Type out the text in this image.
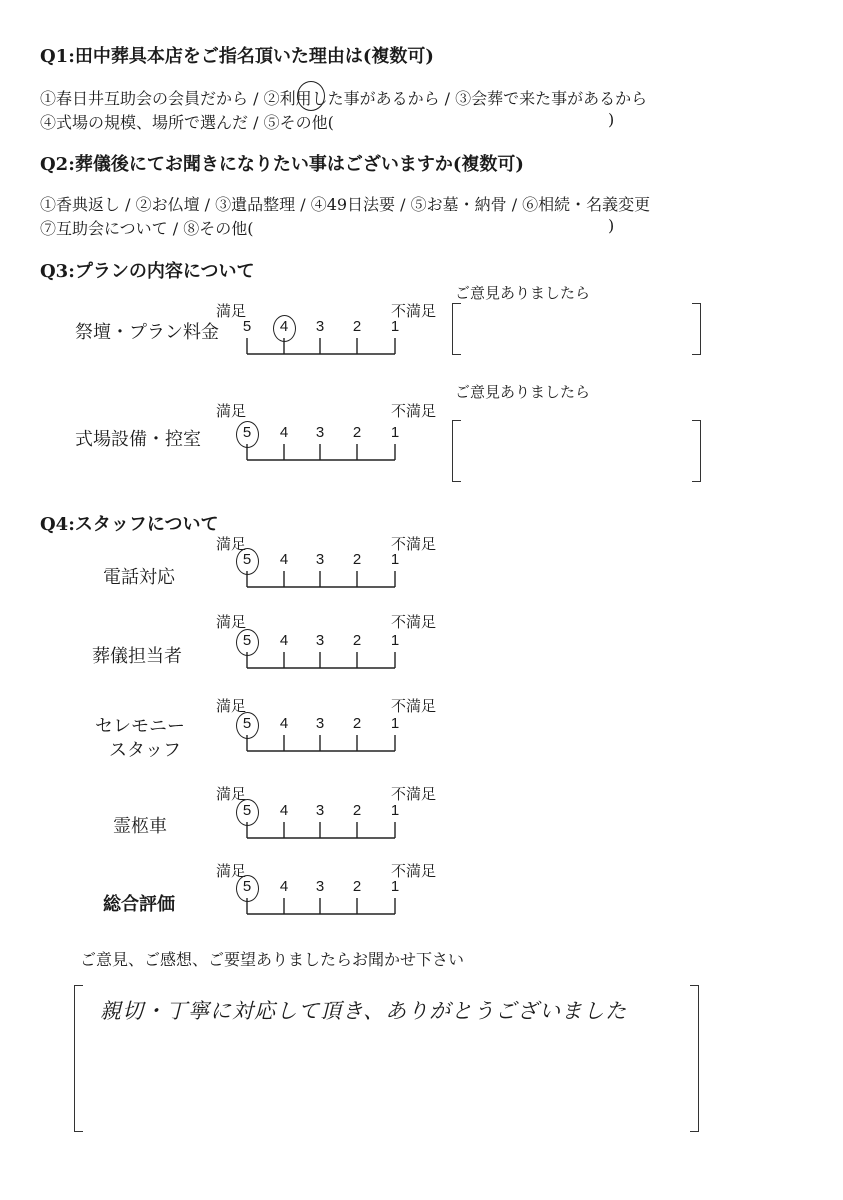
Q1:田中葬具本店をご指名頂いた理由は(複数可)
①春日井互助会の会員だから / ②利用した事があるから / ③会葬で来た事があるから
④式場の規模、場所で選んだ / ⑤その他(	)
Q2:葬儀後にてお聞きになりたい事はございますか(複数可)
①香典返し / ②お仏壇 / ③遺品整理 / ④49日法要 / ⑤お墓・納骨 / ⑥相続・名義変更
⑦互助会について / ⑧その他(	)
Q3:プランの内容について
ご意見ありましたら
ご意見ありましたら
Q4:スタッフについて
祭壇・プラン料金
満足	不満足
5	4	3	2	1
式場設備・控室
満足	不満足
5	4	3	2	1
電話対応
満足	不満足
5	4	3	2	1
葬儀担当者
満足	不満足
5	4	3	2	1
セレモニー
スタッフ
満足	不満足
5	4	3	2	1
霊柩車
満足	不満足
5	4	3	2	1
総合評価
満足	不満足
5	4	3	2	1
ご意見、ご感想、ご要望ありましたらお聞かせ下さい
親切・丁寧に対応して頂き、ありがとうございました
